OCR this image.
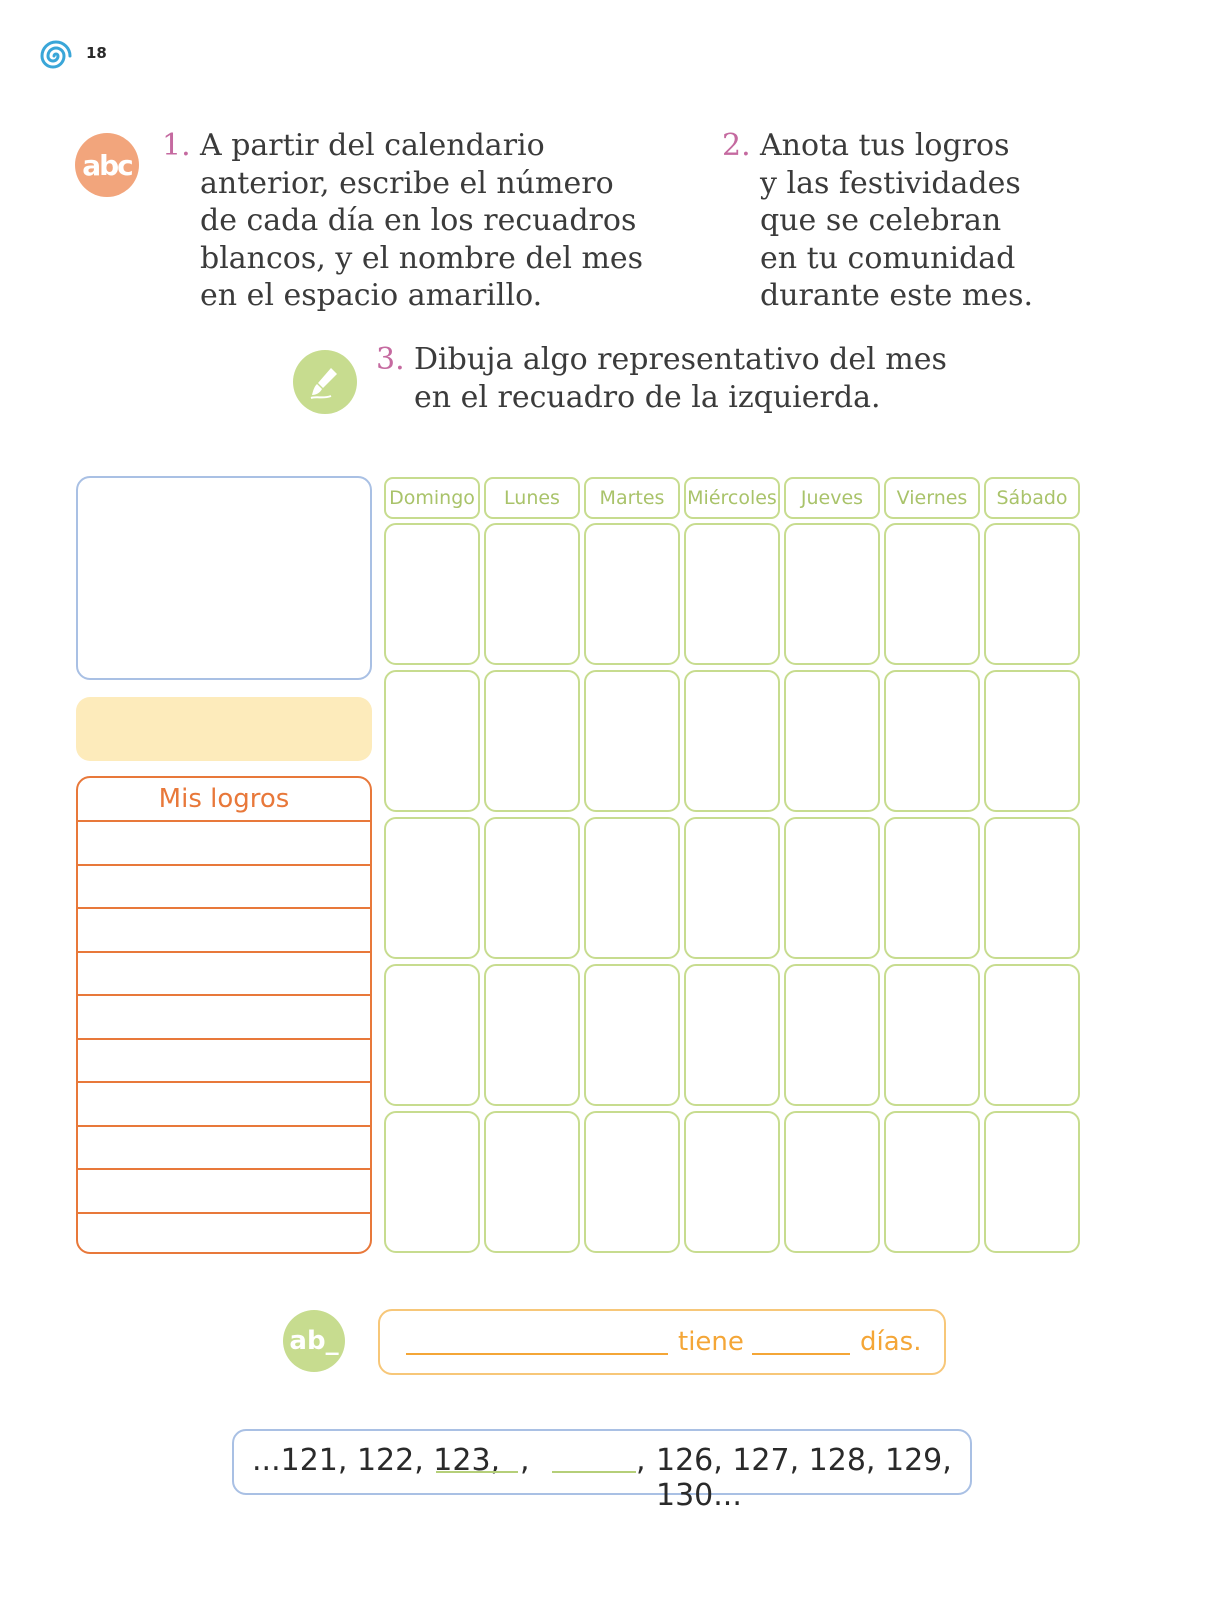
18
abc
1. A partir del calendario
anterior, escribe el número
de cada día en los recuadros
blancos, y el nombre del mes
en el espacio amarillo.
2. Anota tus logros
y las festividades
que se celebran
en tu comunidad
durante este mes.
3. Dibuja algo representativo del mes
en el recuadro de la izquierda.
Mis logros
Domingo	Lunes	Martes	Miércoles	Jueves	Viernes	Sábado
ab_	tiene	días.
...121, 122, 123, ,	, 126, 127, 128, 129, 130...
